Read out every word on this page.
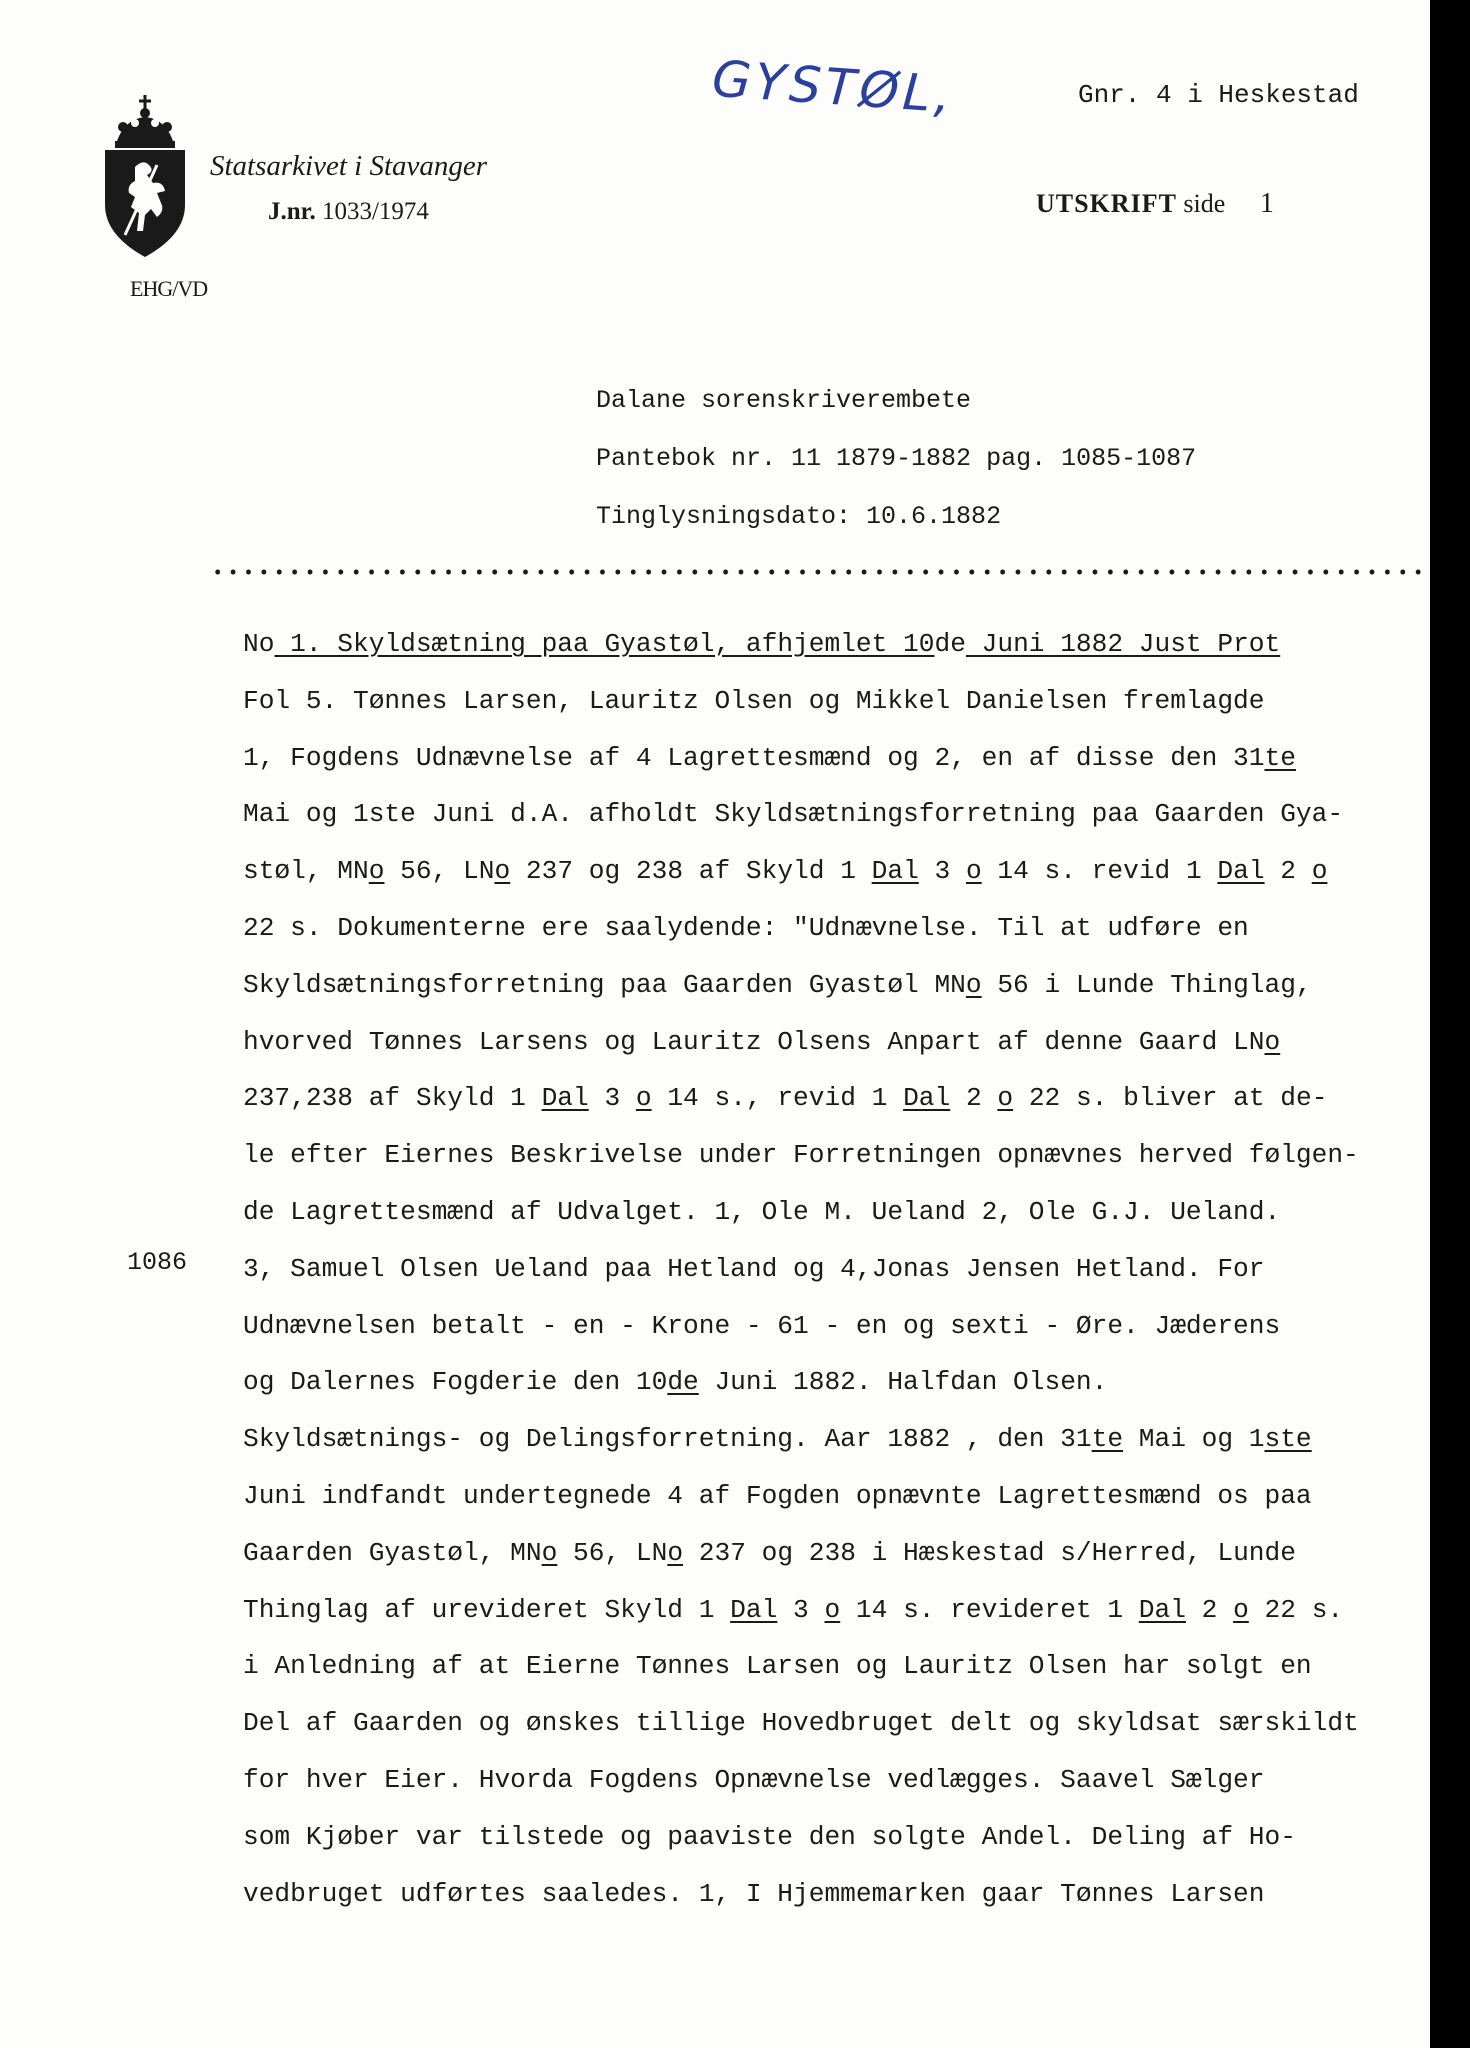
GYSTØL,	Gnr. 4 i Heskestad
Statsarkivet i Stavanger
J.nr. 1033/1974
EHG/VD
UTSKRIFT side 1
Dalane sorenskriverembete
Pantebok nr. 11 1879-1882 pag. 1085-1087
Tinglysningsdato: 10.6.1882
1086
No 1. Skyldsætning paa Gyastøl, afhjemlet 10de Juni 1882 Just Prot
Fol 5. Tønnes Larsen, Lauritz Olsen og Mikkel Danielsen fremlagde
1, Fogdens Udnævnelse af 4 Lagrettesmænd og 2, en af disse den 31te
Mai og 1ste Juni d.A. afholdt Skyldsætningsforretning paa Gaarden Gya-
støl, MNo 56, LNo 237 og 238 af Skyld 1 Dal 3 o 14 s. revid 1 Dal 2 o
22 s. Dokumenterne ere saalydende: "Udnævnelse. Til at udføre en
Skyldsætningsforretning paa Gaarden Gyastøl MNo 56 i Lunde Thinglag,
hvorved Tønnes Larsens og Lauritz Olsens Anpart af denne Gaard LNo
237,238 af Skyld 1 Dal 3 o 14 s., revid 1 Dal 2 o 22 s. bliver at de-
le efter Eiernes Beskrivelse under Forretningen opnævnes herved følgen-
de Lagrettesmænd af Udvalget. 1, Ole M. Ueland 2, Ole G.J. Ueland.
3, Samuel Olsen Ueland paa Hetland og 4,Jonas Jensen Hetland. For
Udnævnelsen betalt - en - Krone - 61 - en og sexti - Øre. Jæderens
og Dalernes Fogderie den 10de Juni 1882. Halfdan Olsen.
Skyldsætnings- og Delingsforretning. Aar 1882 , den 31te Mai og 1ste
Juni indfandt undertegnede 4 af Fogden opnævnte Lagrettesmænd os paa
Gaarden Gyastøl, MNo 56, LNo 237 og 238 i Hæskestad s/Herred, Lunde
Thinglag af urevideret Skyld 1 Dal 3 o 14 s. revideret 1 Dal 2 o 22 s.
i Anledning af at Eierne Tønnes Larsen og Lauritz Olsen har solgt en
Del af Gaarden og ønskes tillige Hovedbruget delt og skyldsat særskildt
for hver Eier. Hvorda Fogdens Opnævnelse vedlægges. Saavel Sælger
som Kjøber var tilstede og paaviste den solgte Andel. Deling af Ho-
vedbruget udførtes saaledes. 1, I Hjemmemarken gaar Tønnes Larsen
